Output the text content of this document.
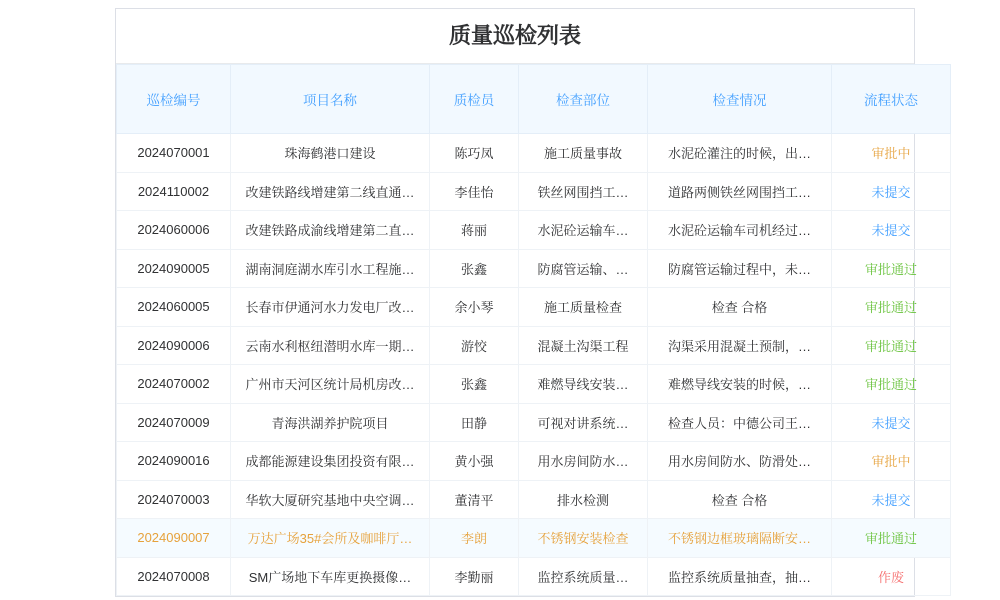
质量巡检列表
巡检编号	项目名称	质检员	检查部位	检查情况	流程状态
2024070001	珠海鹤港口建设	陈巧凤	施工质量事故	水泥砼灌注的时候，出…	审批中
2024110002	改建铁路线增建第二线直通…	李佳怡	铁丝网围挡工…	道路两侧铁丝网围挡工…	未提交
2024060006	改建铁路成渝线增建第二直…	蒋丽	水泥砼运输车…	水泥砼运输车司机经过…	未提交
2024090005	湖南洞庭湖水库引水工程施…	张鑫	防腐管运输、…	防腐管运输过程中，未…	审批通过
2024060005	长春市伊通河水力发电厂改…	余小琴	施工质量检查	检查 合格	审批通过
2024090006	云南水利枢纽潜明水库一期…	游恔	混凝土沟渠工程	沟渠采用混凝土预制，…	审批通过
2024070002	广州市天河区统计局机房改…	张鑫	难燃导线安装…	难燃导线安装的时候，…	审批通过
2024070009	青海洪湖养护院项目	田静	可视对讲系统…	检查人员：中德公司王…	未提交
2024090016	成都能源建设集团投资有限…	黄小强	用水房间防水…	用水房间防水、防滑处…	审批中
2024070003	华软大厦研究基地中央空调…	董清平	排水检测	检查 合格	未提交
2024090007	万达广场35#会所及咖啡厅…	李朗	不锈钢安装检查	不锈钢边框玻璃隔断安…	审批通过
2024070008	SM广场地下车库更换摄像…	李勤丽	监控系统质量…	监控系统质量抽查，抽…	作废
